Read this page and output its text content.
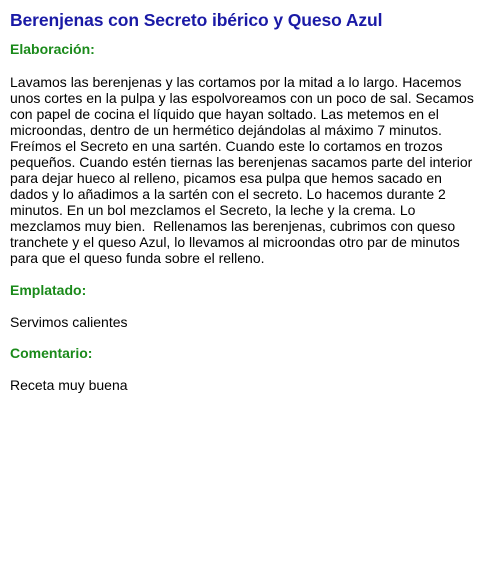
Berenjenas con Secreto ibérico y Queso Azul
Elaboración:

Lavamos las berenjenas y las cortamos por la mitad a lo largo. Hacemos unos cortes en la pulpa y las espolvoreamos con un poco de sal. Secamos con papel de cocina el líquido que hayan soltado. Las metemos en el microondas, dentro de un hermético dejándolas al máximo 7 minutos. Freímos el Secreto en una sartén. Cuando este lo cortamos en trozos pequeños. Cuando estén tiernas las berenjenas sacamos parte del interior para dejar hueco al relleno, picamos esa pulpa que hemos sacado en dados y lo añadimos a la sartén con el secreto. Lo hacemos durante 2 minutos. En un bol mezclamos el Secreto, la leche y la crema. Lo mezclamos muy bien.  Rellenamos las berenjenas, cubrimos con queso tranchete y el queso Azul, lo llevamos al microondas otro par de minutos para que el queso funda sobre el relleno.

Emplatado:

Servimos calientes

Comentario:

Receta muy buena
